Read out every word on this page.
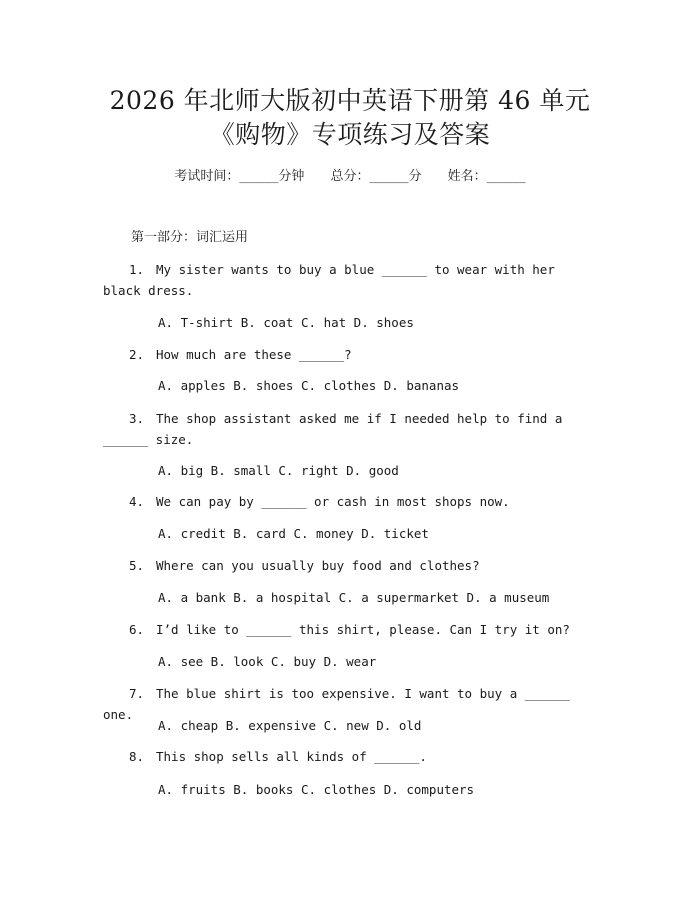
2026 年北师大版初中英语下册第 46 单元
《购物》专项练习及答案
考试时间：______分钟 总分：______分 姓名：______
第一部分：词汇运用
1. My sister wants to buy a blue ______ to wear with her black dress.
A. T-shirt B. coat C. hat D. shoes
2. How much are these ______?
A. apples B. shoes C. clothes D. bananas
3. The shop assistant asked me if I needed help to find a ______ size.
A. big B. small C. right D. good
4. We can pay by ______ or cash in most shops now.
A. credit B. card C. money D. ticket
5. Where can you usually buy food and clothes?
A. a bank B. a hospital C. a supermarket D. a museum
6. I’d like to ______ this shirt, please. Can I try it on?
A. see B. look C. buy D. wear
7. The blue shirt is too expensive. I want to buy a ______ one.
A. cheap B. expensive C. new D. old
8. This shop sells all kinds of ______.
A. fruits B. books C. clothes D. computers
